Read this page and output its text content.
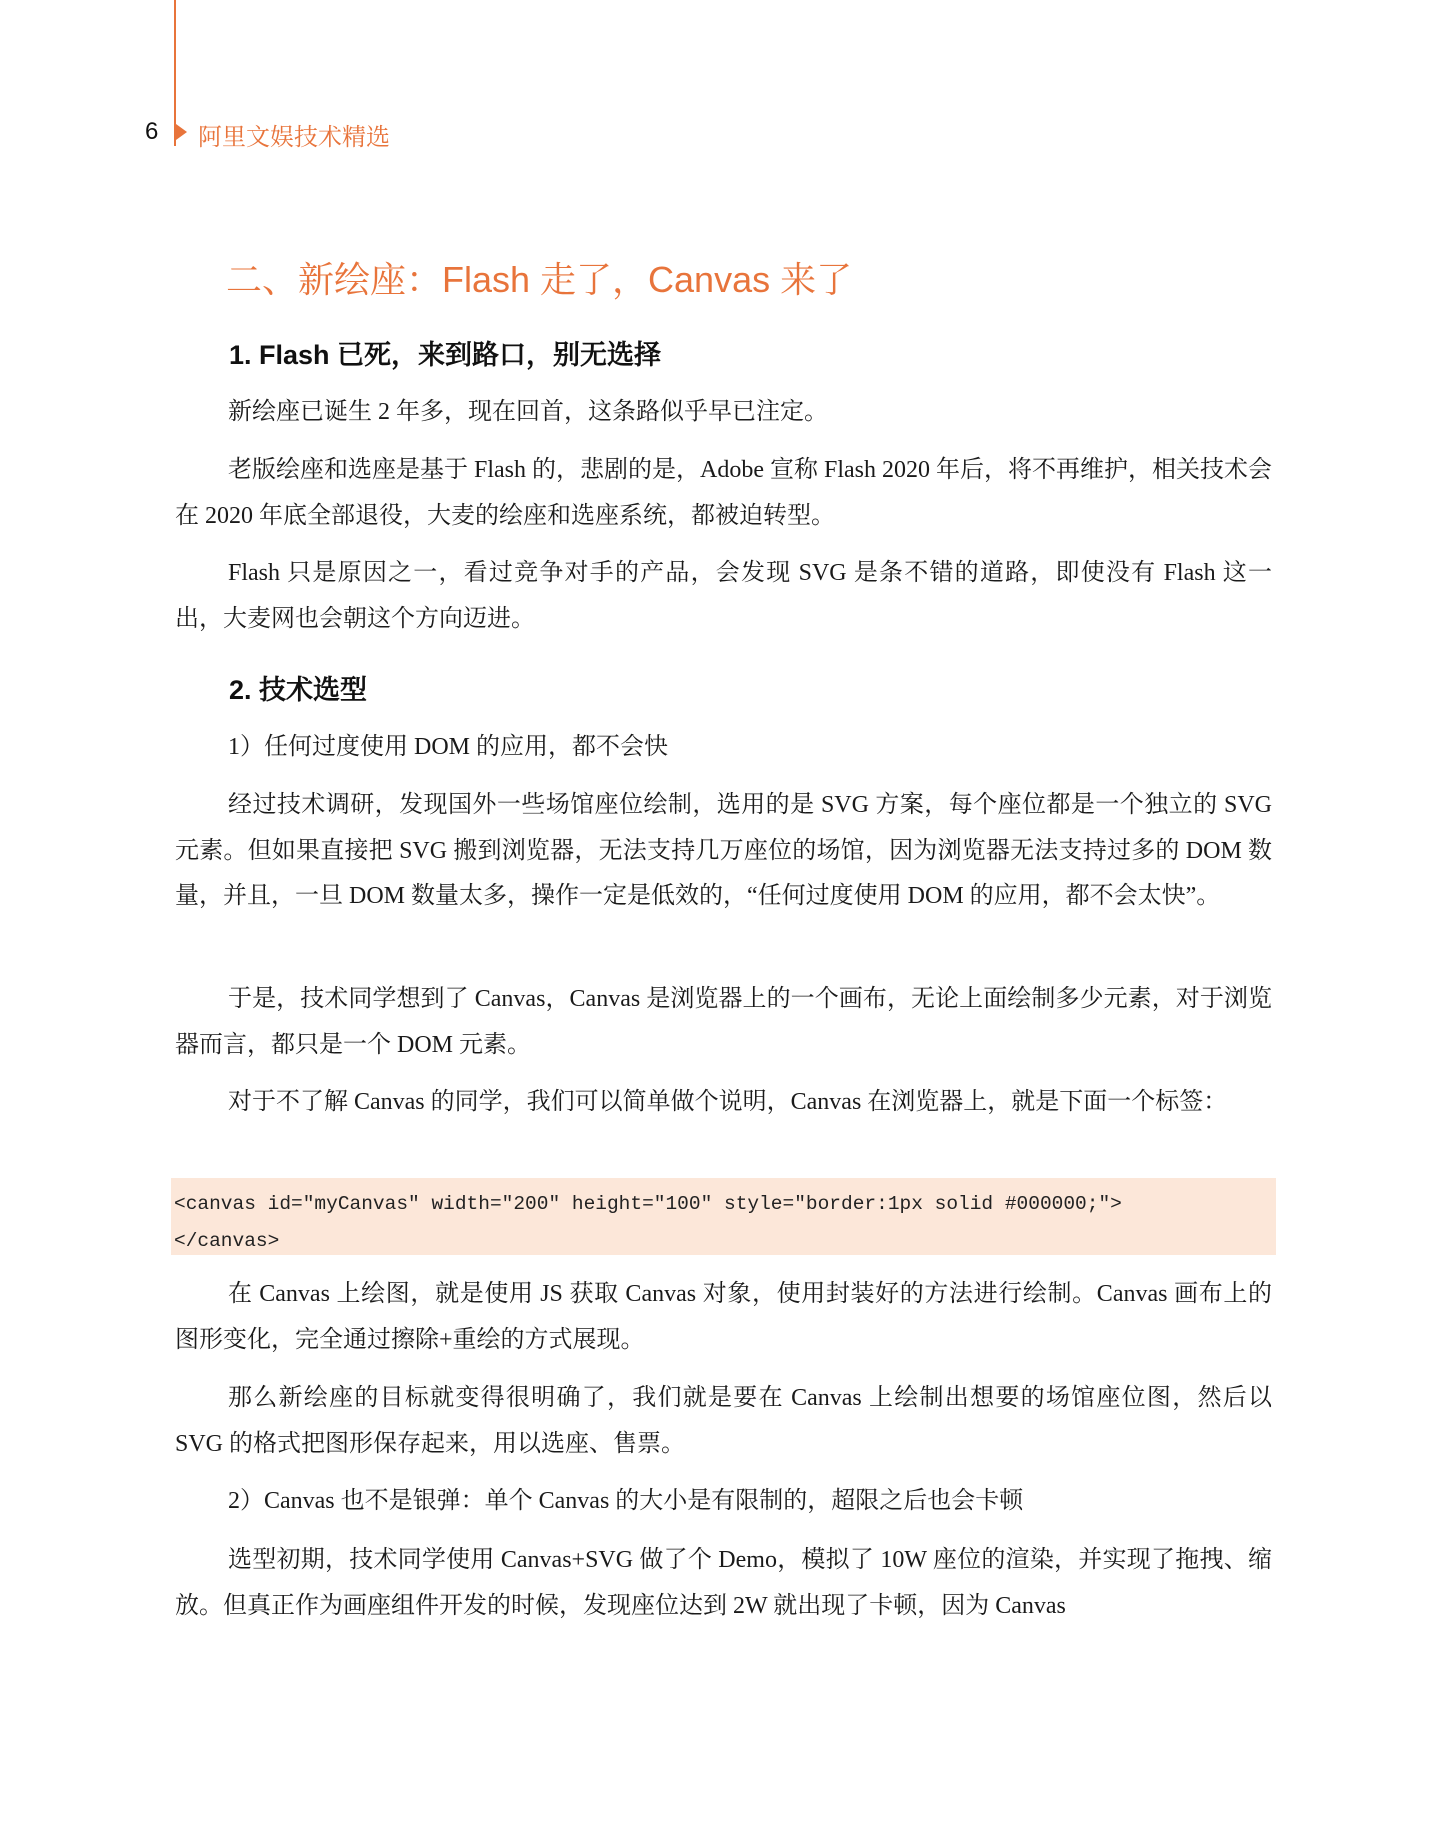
6 阿里文娱技术精选
二、新绘座：Flash 走了，Canvas 来了
1. Flash 已死，来到路口，别无选择
新绘座已诞生 2 年多，现在回首，这条路似乎早已注定。
老版绘座和选座是基于 Flash 的，悲剧的是，Adobe 宣称 Flash 2020 年后，将不再维护，相关技术会在 2020 年底全部退役，大麦的绘座和选座系统，都被迫转型。
Flash 只是原因之一，看过竞争对手的产品，会发现 SVG 是条不错的道路，即使没有 Flash 这一出，大麦网也会朝这个方向迈进。
2. 技术选型
1）任何过度使用 DOM 的应用，都不会快
经过技术调研，发现国外一些场馆座位绘制，选用的是 SVG 方案，每个座位都是一个独立的 SVG 元素。但如果直接把 SVG 搬到浏览器，无法支持几万座位的场馆，因为浏览器无法支持过多的 DOM 数量，并且，一旦 DOM 数量太多，操作一定是低效的，“任何过度使用 DOM 的应用，都不会太快”。
于是，技术同学想到了 Canvas，Canvas 是浏览器上的一个画布，无论上面绘制多少元素，对于浏览器而言，都只是一个 DOM 元素。
对于不了解 Canvas 的同学，我们可以简单做个说明，Canvas 在浏览器上，就是下面一个标签：
<canvas id="myCanvas" width="200" height="100" style="border:1px solid #000000;">
</canvas>
在 Canvas 上绘图，就是使用 JS 获取 Canvas 对象，使用封装好的方法进行绘制。Canvas 画布上的图形变化，完全通过擦除+重绘的方式展现。
那么新绘座的目标就变得很明确了，我们就是要在 Canvas 上绘制出想要的场馆座位图，然后以 SVG 的格式把图形保存起来，用以选座、售票。
2）Canvas 也不是银弹：单个 Canvas 的大小是有限制的，超限之后也会卡顿
选型初期，技术同学使用 Canvas+SVG 做了个 Demo，模拟了 10W 座位的渲染，并实现了拖拽、缩放。但真正作为画座组件开发的时候，发现座位达到 2W 就出现了卡顿，因为 Canvas
